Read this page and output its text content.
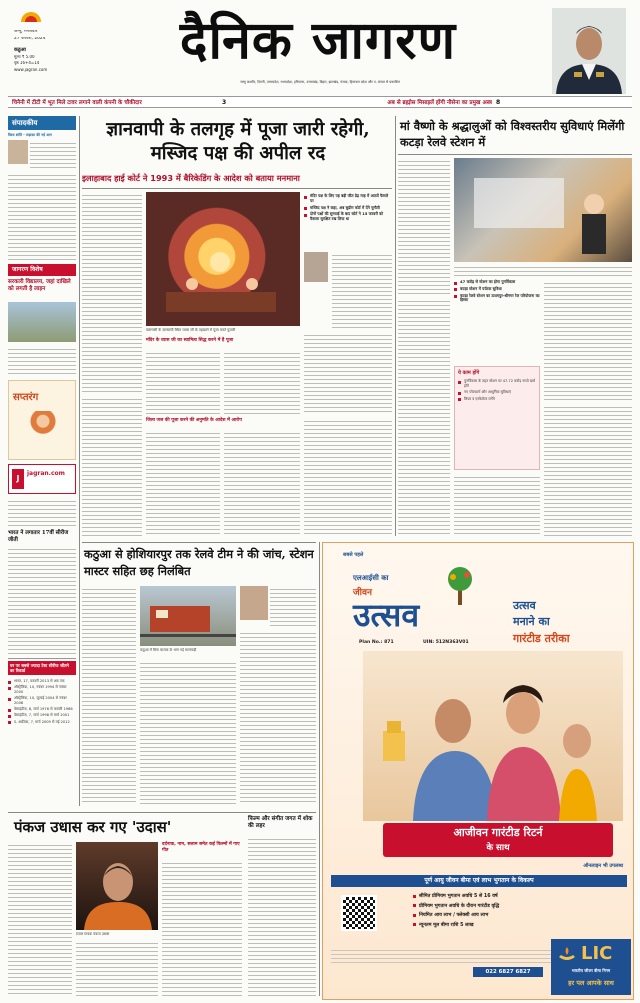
जम्मू, मंगलवार
27 फरवरी, 2024
कठुआ
मूल्य ₹ 5.00
पृष्ठ 16+4=14
www.jagran.com	दैनिक जागरण
जम्मू कश्मीर, दिल्ली, उत्तरप्रदेश, मध्यप्रदेश, हरियाणा, उत्तराखंड, बिहार, झारखंड, पंजाब, हिमाचल प्रदेश और प. बंगाल से प्रकाशित
चिनैनी में टीटी में भूत मिले टावर लगाने वाली कंपनी के चौकीदार	3	अब से ब्रह्मोस मिसाइलें होंगी नौसेना का प्रमुख अस्त्र 8
संपादकीय
विश्व शांति - लड़ाका की नई आग
जागरण विशेष
सरकारी विद्यालय, जहां दाखिले को लगती है लाइन
सप्तरंग
J
jagran.com
भारत ने लगातार 17वीं सीरीज जीती
घर पर सबसे ज्यादा टेस्ट सीरीज जीतने का रिकार्ड
भारत, 17, फरवरी 2013 से अब तक
ऑस्ट्रेलिया, 10, नवंबर 1994 से नवंबर 2000
ऑस्ट्रेलिया, 10, जुलाई 2004 से नवंबर 2008
वेस्टइंडीज, 8, मार्च 1976 से फरवरी 1986
वेस्टइंडीज, 7, मार्च 1998 से मार्च 2001
द. अफ्रीका, 7, मार्च 2009 से मई 2012
ज्ञानवापी के तलगृह में पूजा जारी रहेगी, मस्जिद पक्ष की अपील रद
इलाहाबाद हाई कोर्ट ने 1993 में बैरिकेडिंग के आदेश को बताया मनमाना
वाराणसी के ज्ञानवापी स्थित व्यास जी के तहखाने में पूजा करते पुजारी
मंदिर पक्ष के लिए यह बड़ी जीत डेढ़ माह में आठवें फैसले पर
मस्जिद पक्ष ने कहा, अब सुप्रीम कोर्ट में देंगे चुनौती
दोनों पक्षों की सुनवाई के बाद कोर्ट ने 15 फरवरी को फैसला सुरक्षित रख लिया था
मंदिर के व्यास जी का स्वामित्व सिद्ध करने में है पूजा
जिला जज की पूजा करने की अनुमति के आदेश में आरोप
मां वैष्णो के श्रद्धालुओं को विश्वस्तरीय सुविधाएं मिलेंगी कटड़ा रेलवे स्टेशन में
47 करोड़ से स्टेशन का होगा पुनर्विकास
कटड़ा स्टेशन में पर्यटक सुविधा
कटड़ा रेलवे स्टेशन का ऊधमपुर-श्रीनगर रेल परियोजना का हिस्सा
ये काम होंगे
पुनर्विकास के तहत स्टेशन पर 47.72 करोड़ रुपये खर्च होंगे
नए प्लेटफार्म और आधुनिक सुविधाएं
लिफ्ट व एस्केलेटर लगेंगे
कठुआ से होशियारपुर तक रेलवे टीम ने की जांच, स्टेशन मास्टर सहित छह निलंबित
कठुआ में बिना चालक के भाग गई मालगाड़ी
पंकज उधास कर गए 'उदास'
ग़ज़ल गायक पंकज उधास
दर्दनाक, नाम, सलाम समेत कई फिल्मों में गाए गीत
फिल्म और संगीत जगत में शोक की लहर
सबसे पहले
एलआईसी का
जीवन
उत्सव
Plan No.: 871	UIN: 512N363V01
उत्सव
मनाने का
गारंटीड तरीका
आजीवन गारंटीड रिटर्न
के साथ
ऑनलाइन भी उपलब्ध
पूर्ण आयु जीवन बीमा एवं लाभ भुगतान के विकल्प
सीमित प्रीमियम भुगतान अवधि 5 से 16 वर्ष
प्रीमियम भुगतान अवधि के दौरान गारंटीड वृद्धि
नियमित आय लाभ / फ्लेक्सी आय लाभ
न्यूनतम मूल बीमा राशि 5 लाख
022 6827 6827
LIC
भारतीय जीवन बीमा निगम
हर पल आपके साथ
